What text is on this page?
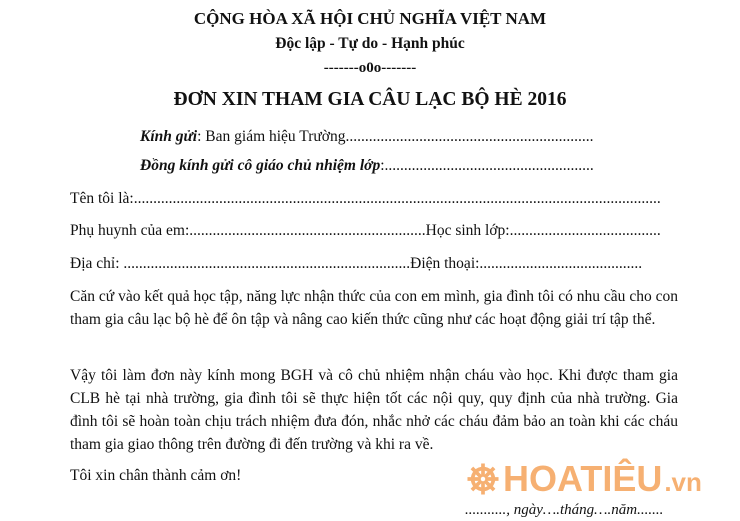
CỘNG HÒA XÃ HỘI CHỦ NGHĨA VIỆT NAM
Độc lập - Tự do - Hạnh phúc
-------o0o-------
ĐƠN XIN THAM GIA CÂU LẠC BỘ HÈ 2016
Kính gửi: Ban giám hiệu Trường................................................................
Đồng kính gửi cô giáo chủ nhiệm lớp:......................................................
Tên tôi là:........................................................................................................................................
Phụ huynh của em:.............................................................Học sinh lớp:.......................................
Địa chỉ: ..........................................................................Điện thoại:..........................................
Căn cứ vào kết quả học tập, năng lực nhận thức của con em mình, gia đình tôi có nhu cầu cho con tham gia câu lạc bộ hè để ôn tập và nâng cao kiến thức cũng như các hoạt động giải trí tập thể.
Vậy tôi làm đơn này kính mong BGH và cô chủ nhiệm nhận cháu vào học. Khi được tham gia CLB hè tại nhà trường, gia đình tôi sẽ thực hiện tốt các nội quy, quy định của nhà trường. Gia đình tôi sẽ hoàn toàn chịu trách nhiệm đưa đón, nhắc nhở các cháu đảm bảo an toàn khi các cháu tham gia giao thông trên đường đi đến trường và khi ra về.
Tôi xin chân thành cảm ơn!	HOATIÊU .vn
..........., ngày….tháng….năm.......
